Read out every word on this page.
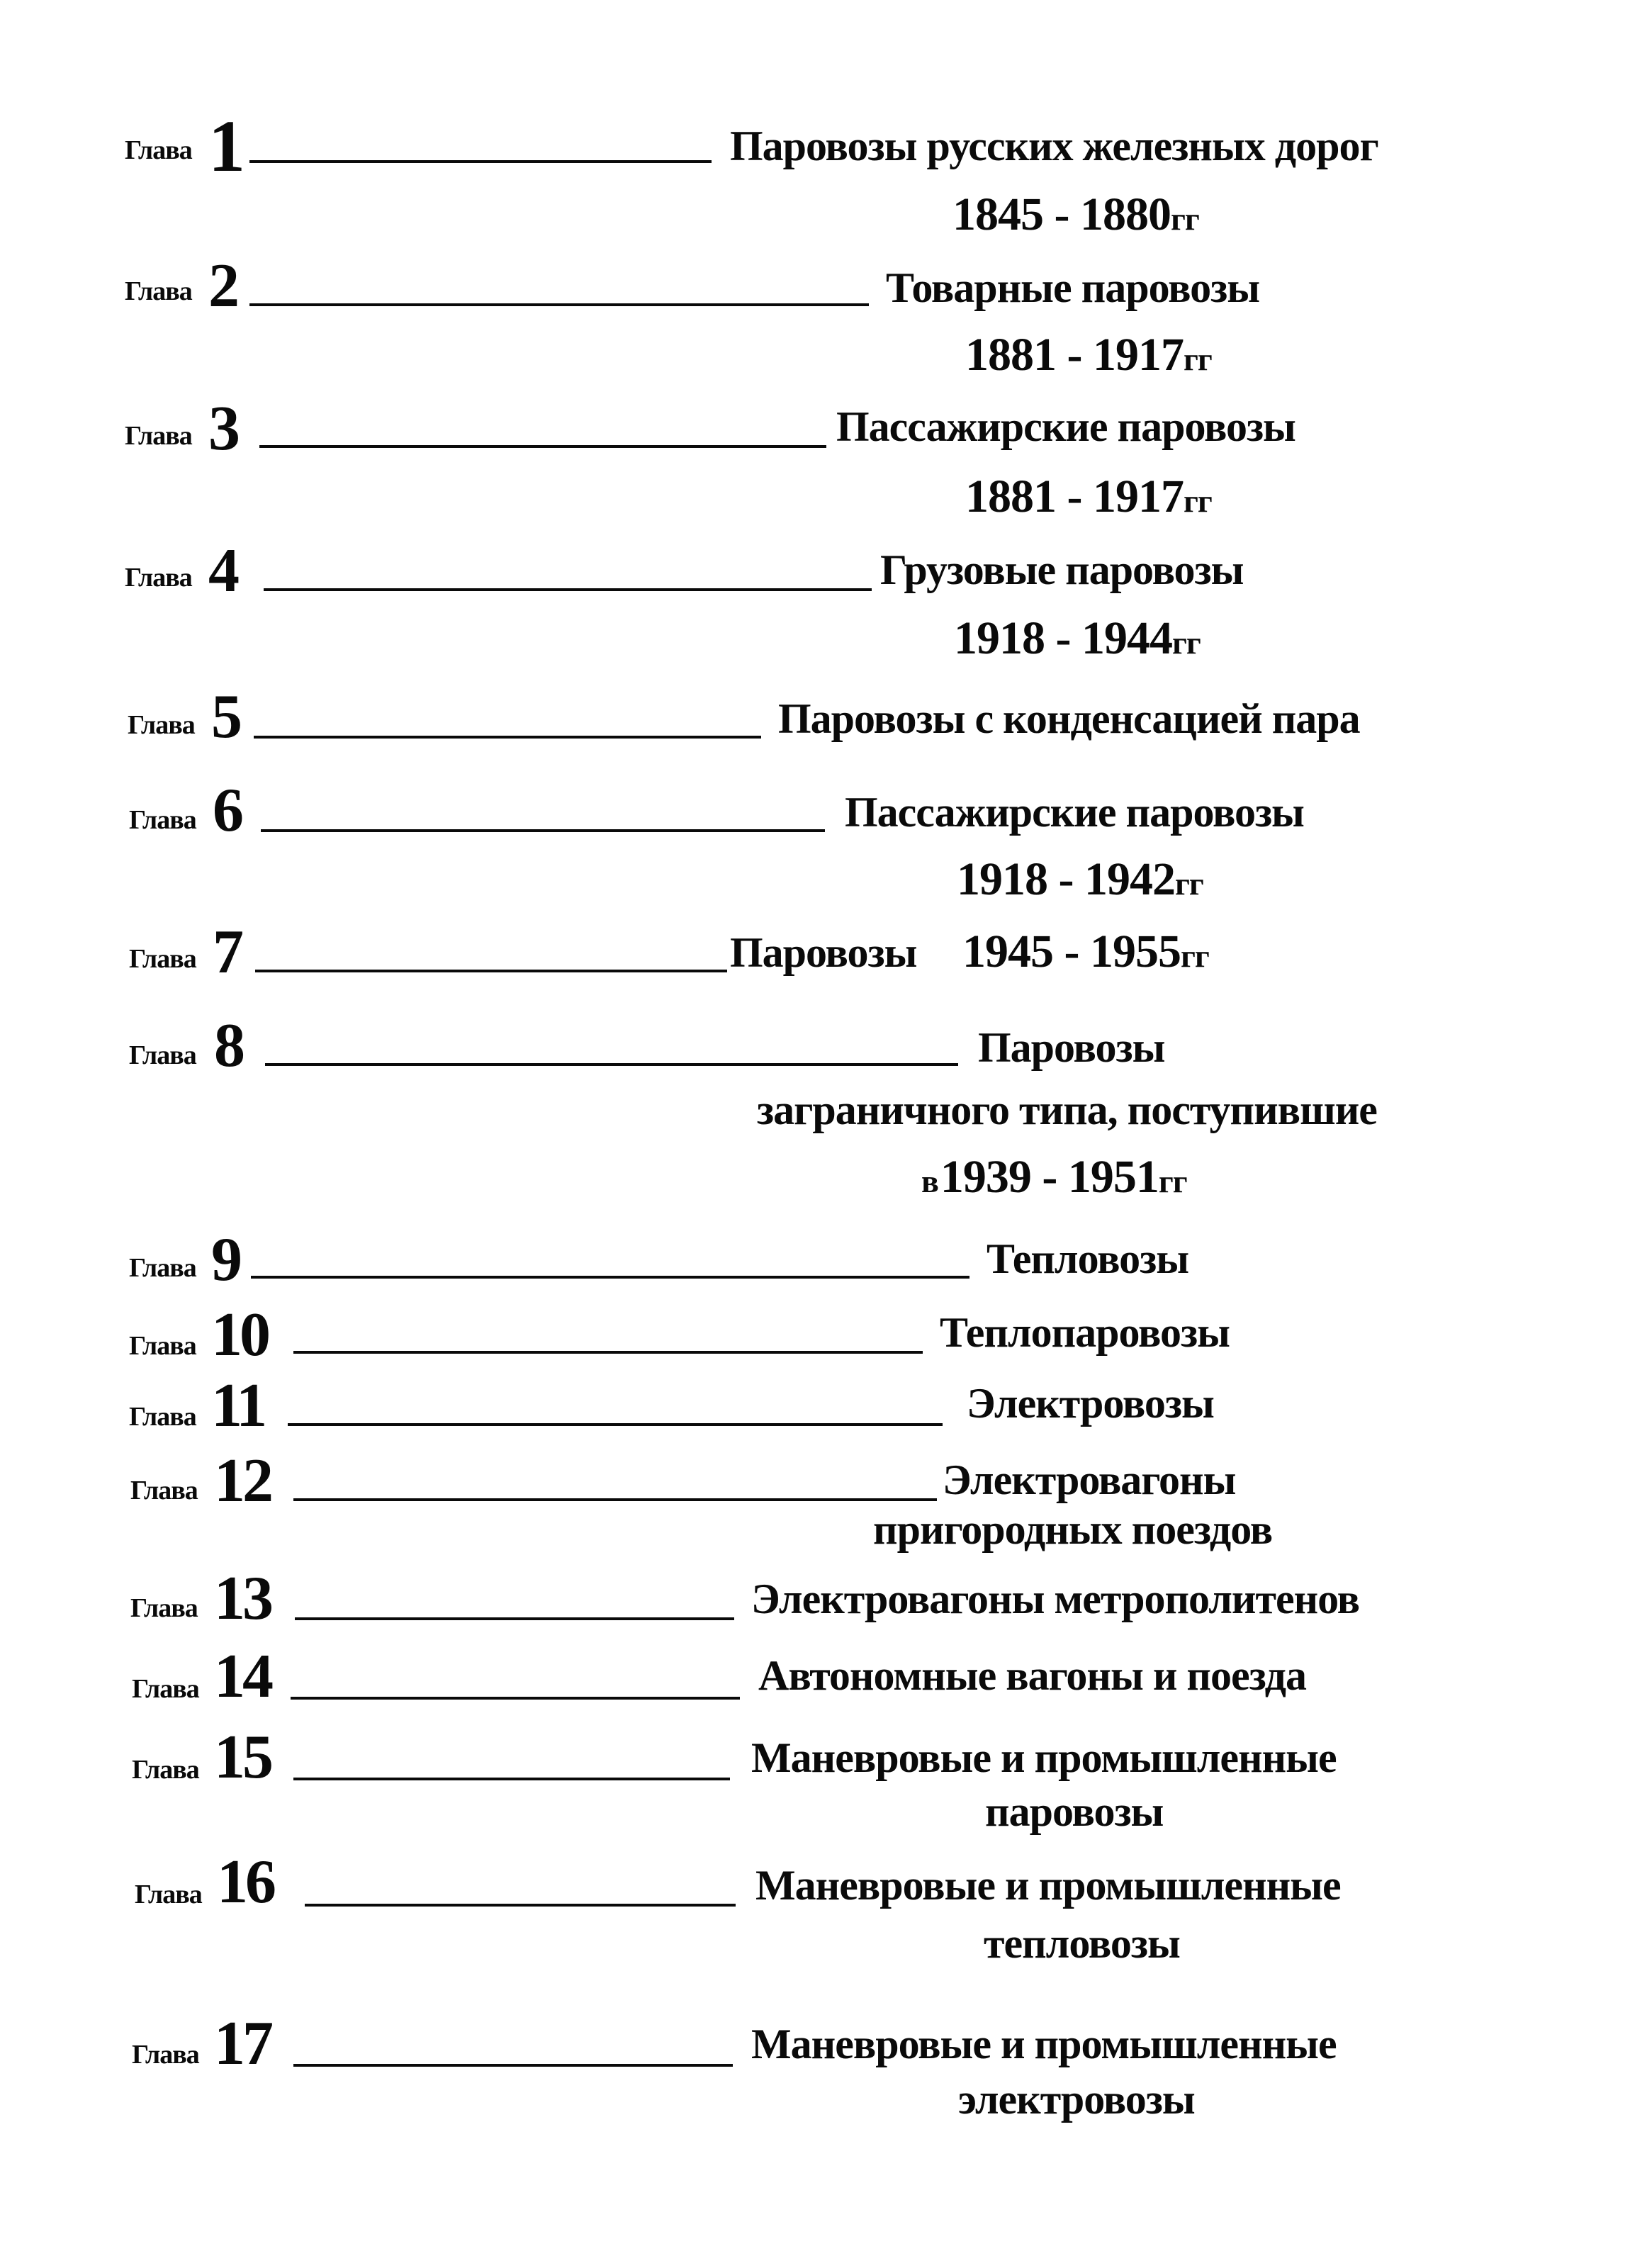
Глава 1	Паровозы русских железных дорог
1845 - 1880гг
Глава 2	Товарные паровозы
1881 - 1917гг
Глава 3	Пассажирские паровозы
1881 - 1917гг
Глава 4	Грузовые паровозы
1918 - 1944гг
Глава 5	Паровозы с конденсацией пара
Глава 6	Пассажирские паровозы
1918 - 1942гг
Глава 7	Паровозы 1945 - 1955гг
Глава 8	Паровозы
заграничного типа, поступившие
в 1939 - 1951гг
Глава 9	Тепловозы
Глава 10	Теплопаровозы
Глава 11	Электровозы
Глава 12	Электровагоны
пригородных поездов
Глава 13	Электровагоны метрополитенов
Глава 14	Автономные вагоны и поезда
Глава 15	Маневровые и промышленные
паровозы
Глава 16	Маневровые и промышленные
тепловозы
Глава 17	Маневровые и промышленные
электровозы
